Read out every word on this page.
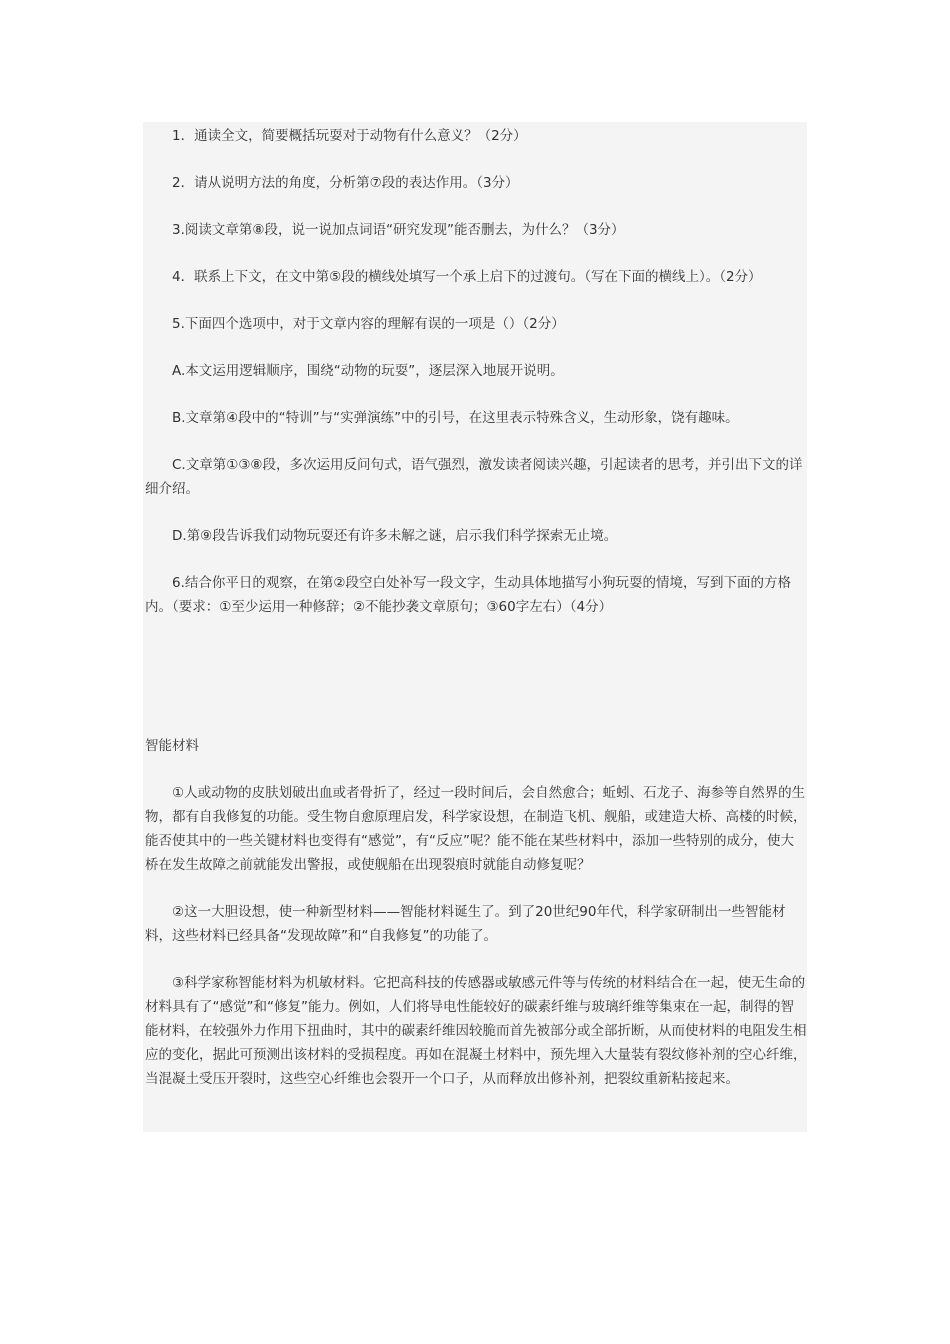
1．通读全文，简要概括玩耍对于动物有什么意义？（2分）

2．请从说明方法的角度，分析第⑦段的表达作用。（3分）

3.阅读文章第⑧段，说一说加点词语“研究发现”能否删去，为什么？（3分）

4．联系上下文，在文中第⑤段的横线处填写一个承上启下的过渡句。（写在下面的横线上）。（2分）

5.下面四个选项中，对于文章内容的理解有误的一项是（）（2分）

A.本文运用逻辑顺序，围绕“动物的玩耍”，逐层深入地展开说明。

B.文章第④段中的“特训”与“实弹演练”中的引号，在这里表示特殊含义，生动形象，饶有趣味。

C.文章第①③⑧段，多次运用反问句式，语气强烈，激发读者阅读兴趣，引起读者的思考，并引出下文的详细介绍。

D.第⑨段告诉我们动物玩耍还有许多未解之谜，启示我们科学探索无止境。

6.结合你平日的观察，在第②段空白处补写一段文字，生动具体地描写小狗玩耍的情境，写到下面的方格内。（要求：①至少运用一种修辞；②不能抄袭文章原句；③60字左右）（4分）

智能材料

①人或动物的皮肤划破出血或者骨折了，经过一段时间后，会自然愈合；蚯蚓、石龙子、海参等自然界的生物，都有自我修复的功能。受生物自愈原理启发，科学家设想，在制造飞机、舰船，或建造大桥、高楼的时候，能否使其中的一些关键材料也变得有“感觉”，有“反应”呢？能不能在某些材料中，添加一些特别的成分，使大桥在发生故障之前就能发出警报，或使舰船在出现裂痕时就能自动修复呢？

②这一大胆设想，使一种新型材料——智能材料诞生了。到了20世纪90年代，科学家研制出一些智能材料，这些材料已经具备“发现故障”和“自我修复”的功能了。

③科学家称智能材料为机敏材料。它把高科技的传感器或敏感元件等与传统的材料结合在一起，使无生命的材料具有了“感觉”和“修复”能力。例如，人们将导电性能较好的碳素纤维与玻璃纤维等集束在一起，制得的智能材料，在较强外力作用下扭曲时，其中的碳素纤维因较脆而首先被部分或全部折断，从而使材料的电阻发生相应的变化，据此可预测出该材料的受损程度。再如在混凝土材料中，预先埋入大量装有裂纹修补剂的空心纤维，当混凝土受压开裂时，这些空心纤维也会裂开一个口子，从而释放出修补剂，把裂纹重新粘接起来。
